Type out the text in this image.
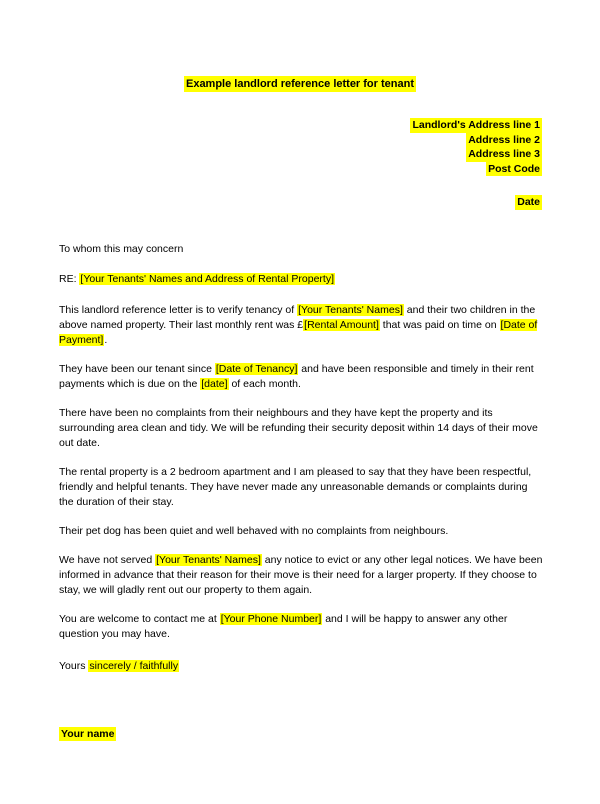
Example landlord reference letter for tenant
Landlord's Address line 1
Address line 2
Address line 3
Post Code
Date

To whom this may concern

RE: [Your Tenants' Names and Address of Rental Property]

This landlord reference letter is to verify tenancy of [Your Tenants' Names] and their two children in the above named property. Their last monthly rent was £[Rental Amount] that was paid on time on [Date of Payment].

They have been our tenant since [Date of Tenancy] and have been responsible and timely in their rent payments which is due on the [date] of each month.

There have been no complaints from their neighbours and they have kept the property and its surrounding area clean and tidy. We will be refunding their security deposit within 14 days of their move out date.

The rental property is a 2 bedroom apartment and I am pleased to say that they have been respectful, friendly and helpful tenants. They have never made any unreasonable demands or complaints during the duration of their stay.

Their pet dog has been quiet and well behaved with no complaints from neighbours.

We have not served [Your Tenants' Names] any notice to evict or any other legal notices. We have been informed in advance that their reason for their move is their need for a larger property. If they choose to stay, we will gladly rent out our property to them again.

You are welcome to contact me at [Your Phone Number] and I will be happy to answer any other question you may have.

Yours sincerely / faithfully

Your name
